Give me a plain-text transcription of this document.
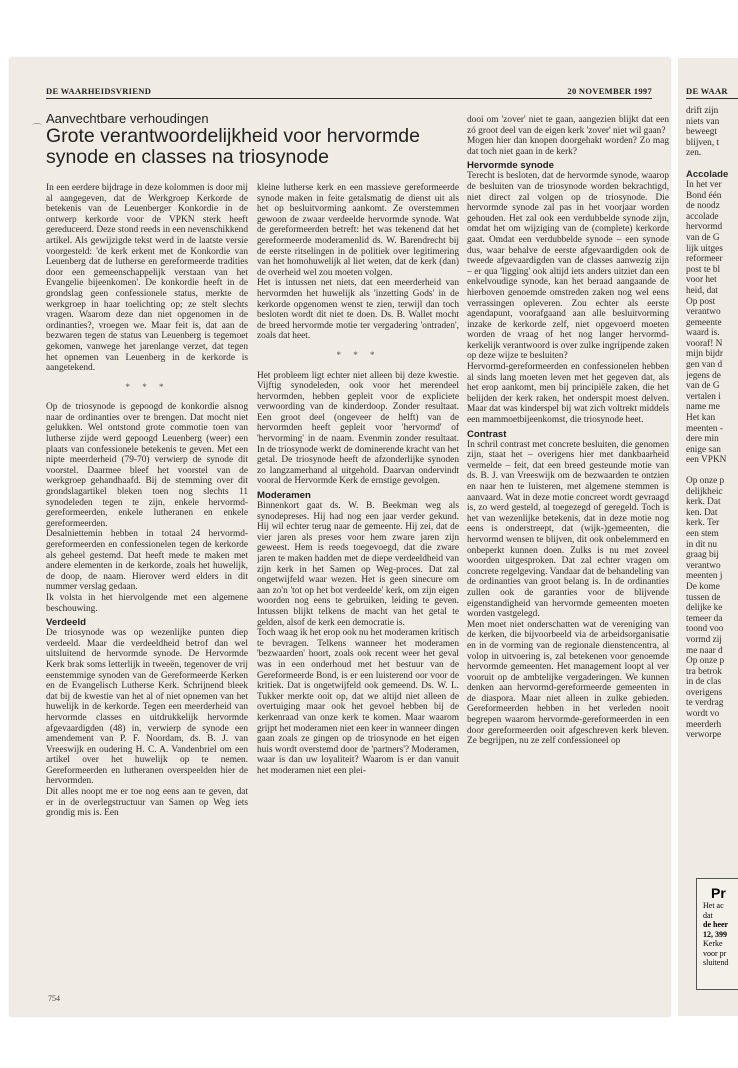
⌒
DE WAARHEIDSVRIEND	20 NOVEMBER 1997
Aanvechtbare verhoudingen
Grote verantwoordelijkheid voor hervormde synode en classes na triosynode

In een eerdere bijdrage in deze kolommen is door mij al aangegeven, dat de Werkgroep Kerkorde de betekenis van de Leuenberger Konkordie in de ontwerp kerkorde voor de VPKN sterk heeft gereduceerd. Deze stond reeds in een nevenschikkend artikel. Als gewijzigde tekst werd in de laatste versie voorgesteld: 'de kerk erkent met de Konkordie van Leuenberg dat de lutherse en gereformeerde tradities door een gemeenschappelijk verstaan van het Evangelie bijeenkomen'. De konkordie heeft in de grondslag geen confessionele status, merkte de werkgroep in haar toelichting op; ze stelt slechts vragen. Waarom deze dan niet opgenomen in de ordinanties?, vroegen we. Maar feit is, dat aan de bezwaren tegen de status van Leuenberg is tegemoet gekomen, vanwege het jarenlange verzet, dat tegen het opnemen van Leuenberg in de kerkorde is aangetekend.

* * *

Op de triosynode is gepoogd de konkordie alsnog naar de ordinanties over te brengen. Dat mocht niet gelukken. Wel ontstond grote commotie toen van lutherse zijde werd gepoogd Leuenberg (weer) een plaats van confessionele betekenis te geven. Met een nipte meerderheid (79-70) verwierp de synode dit voorstel. Daarmee bleef het voorstel van de werkgroep gehandhaafd. Bij de stemming over dit grondslagartikel bleken toen nog slechts 11 synodeleden tegen te zijn, enkele hervormd-gereformeerden, enkele lutheranen en enkele gereformeerden.

Desalniettemin hebben in totaal 24 hervormd-gereformeerden en confessionelen tegen de kerkorde als geheel gestemd. Dat heeft mede te maken met andere elementen in de kerkorde, zoals het huwelijk, de doop, de naam. Hierover werd elders in dit nummer verslag gedaan.

Ik volsta in het hiervolgende met een algemene beschouwing.

Verdeeld

De triosynode was op wezenlijke punten diep verdeeld. Maar die verdeeldheid betrof dan wel uitsluitend de hervormde synode. De Hervormde Kerk brak soms letterlijk in tweeën, tegenover de vrij eenstemmige synoden van de Gereformeerde Kerken en de Evangelisch Lutherse Kerk. Schrijnend bleek dat bij de kwestie van het al of niet opnemen van het huwelijk in de kerkorde. Tegen een meerderheid van hervormde classes en uitdrukkelijk hervormde afgevaardigden (48) in, verwierp de synode een amendement van P. F. Noordam, ds. B. J. van Vreeswijk en oudering H. C. A. Vandenbriel om een artikel over het huwelijk op te nemen. Gereformeerden en lutheranen overspeelden hier de hervormden.

Dit alles noopt me er toe nog eens aan te geven, dat er in de overlegstructuur van Samen op Weg iets grondig mis is. Een

kleine lutherse kerk en een massieve gereformeerde synode maken in feite getalsmatig de dienst uit als het op besluitvorming aankomt. Ze overstemmen gewoon de zwaar verdeelde hervormde synode. Wat de gereformeerden betreft: het was tekenend dat het gereformeerde moderamenlid ds. W. Barendrecht bij de eerste ritselingen in de politiek over legitimering van het homohuwelijk al liet weten, dat de kerk (dan) de overheid wel zou moeten volgen.

Het is intussen net niets, dat een meerderheid van hervormden het huwelijk als 'inzetting Gods' in de kerkorde opgenomen wenst te zien, terwijl dan toch besloten wordt dit niet te doen. Ds. B. Wallet mocht de breed hervormde motie ter vergadering 'ontraden', zoals dat heet.

* * *

Het probleem ligt echter niet alleen bij deze kwestie. Vijftig synodeleden, ook voor het merendeel hervormden, hebben gepleit voor de expliciete verwoording van de kinderdoop. Zonder resultaat. Een groot deel (ongeveer de helft) van de hervormden heeft gepleit voor 'hervormd' of 'hervorming' in de naam. Evenmin zonder resultaat. In de triosynode werkt de dominerende kracht van het getal. De triosynode heeft de afzonderlijke synoden zo langzamerhand al uitgehold. Daarvan ondervindt vooral de Hervormde Kerk de ernstige gevolgen.

Moderamen

Binnenkort gaat ds. W. B. Beekman weg als synodepreses. Hij had nog een jaar verder gekund. Hij wil echter terug naar de gemeente. Hij zei, dat de vier jaren als preses voor hem zware jaren zijn geweest. Hem is reeds toegevoegd, dat die zware jaren te maken hadden met de diepe verdeeldheid van zijn kerk in het Samen op Weg-proces. Dat zal ongetwijfeld waar wezen. Het is geen sinecure om aan zo'n 'tot op het bot verdeelde' kerk, om zijn eigen woorden nog eens te gebruiken, leiding te geven. Intussen blijkt telkens de macht van het getal te gelden, alsof de kerk een democratie is.

Toch waag ik het erop ook nu het moderamen kritisch te bevragen. Telkens wanneer het moderamen 'bezwaarden' hoort, zoals ook recent weer het geval was in een onderhoud met het bestuur van de Gereformeerde Bond, is er een luisterend oor voor de kritiek. Dat is ongetwijfeld ook gemeend. Ds. W. L. Tukker merkte ooit op, dat we altijd niet alleen de overtuiging maar ook het gevoel hebben bij de kerkenraad van onze kerk te komen. Maar waarom grijpt het moderamen niet een keer in wanneer dingen gaan zoals ze gingen op de triosynode en het eigen huis wordt overstemd door de 'partners'? Moderamen, waar is dan uw loyaliteit? Waarom is er dan vanuit het moderamen niet een plei-

dooi om 'zover' niet te gaan, aangezien blijkt dat een zó groot deel van de eigen kerk 'zover' niet wil gaan?

Mogen hier dan knopen doorgehakt worden? Zo mag dat toch niet gaan in de kerk?

Hervormde synode

Terecht is besloten, dat de hervormde synode, waarop de besluiten van de triosynode worden bekrachtigd, niet direct zal volgen op de triosynode. Die hervormde synode zal pas in het voorjaar worden gehouden. Het zal ook een verdubbelde synode zijn, omdat het om wijziging van de (complete) kerkorde gaat. Omdat een verdubbelde synode – een synode dus, waar behalve de eerste afgevaardigden ook de tweede afgevaardigden van de classes aanwezig zijn – er qua 'ligging' ook altijd iets anders uitziet dan een enkelvoudige synode, kan het beraad aangaande de hierboven genoemde omstreden zaken nog wel eens verrassingen opleveren. Zou echter als eerste agendapunt, voorafgaand aan alle besluitvorming inzake de kerkorde zelf, niet opgevoerd moeten worden de vraag of het nog langer hervormd-kerkelijk verantwoord is over zulke ingrijpende zaken op deze wijze te besluiten?

Hervormd-gereformeerden en confessionelen hebben al sinds lang moeten leven met het gegeven dat, als het erop aankomt, men bij principiële zaken, die het belijden der kerk raken, het onderspit moest delven. Maar dat was kinderspel bij wat zich voltrekt middels een mammoetbijeenkomst, die triosynode heet.

Contrast

In schril contrast met concrete besluiten, die genomen zijn, staat het – overigens hier met dankbaarheid vermelde – feit, dat een breed gesteunde motie van ds. B. J. van Vreeswijk om de bezwaarden te ontzien en naar hen te luisteren, met algemene stemmen is aanvaard. Wat in deze motie concreet wordt gevraagd is, zo werd gesteld, al toegezegd of geregeld. Toch is het van wezenlijke betekenis, dat in deze motie nog eens is onderstreept, dat (wijk-)gemeenten, die hervormd wensen te blijven, dit ook onbelemmerd en onbeperkt kunnen doen. Zulks is nu met zoveel woorden uitgesproken. Dat zal echter vragen om concrete regelgeving. Vandaar dat de behandeling van de ordinanties van groot belang is. In de ordinanties zullen ook de garanties voor de blijvende eigenstandigheid van hervormde gemeenten moeten worden vastgelegd.

Men moet niet onderschatten wat de vereniging van de kerken, die bijvoorbeeld via de arbeidsorganisatie en in de vorming van de regionale dienstencentra, al volop in uitvoering is, zal betekenen voor genoemde hervormde gemeenten. Het management loopt al ver vooruit op de ambtelijke vergaderingen. We kunnen denken aan hervormd-gereformeerde gemeenten in de diaspora. Maar niet alleen in zulke gebieden. Gereformeerden hebben in het verleden nooit begrepen waarom hervormde-gereformeerden in een door gereformeerden ooit afgeschreven kerk bleven. Ze begrijpen, nu ze zelf confessioneel op

754
DE WAAR

drift zijn

niets van

beweegt

blijven, t

zen.

Accolade

In het ver

Bond één

de noodz

accolade

hervormd

van de G

lijk uitges

reformeer

post te bl

voor het

heid, dat

Op post

verantwo

gemeente

waard is.

vooraf! N

mijn bijdr

gen van d

jegens de

van de G

vertalen i

name me

Het kan

meenten -

dere min

enige san

een VPKN

Op onze p

delijkheic

kerk. Dat

ken. Dat

kerk. Ter

een stem

in dit nu

graag bij

verantwo

meenten j

De kome

tussen de

delijke ke

temeer da

toond voo

vormd zij

me naar d

Op onze p

tra betrok

in de clas

overigens

te verdrag

wordt vo

meerderh

verworpe

Pr
Het ac
dat
de heer
12, 399
Kerke
voor pr
sluitend
